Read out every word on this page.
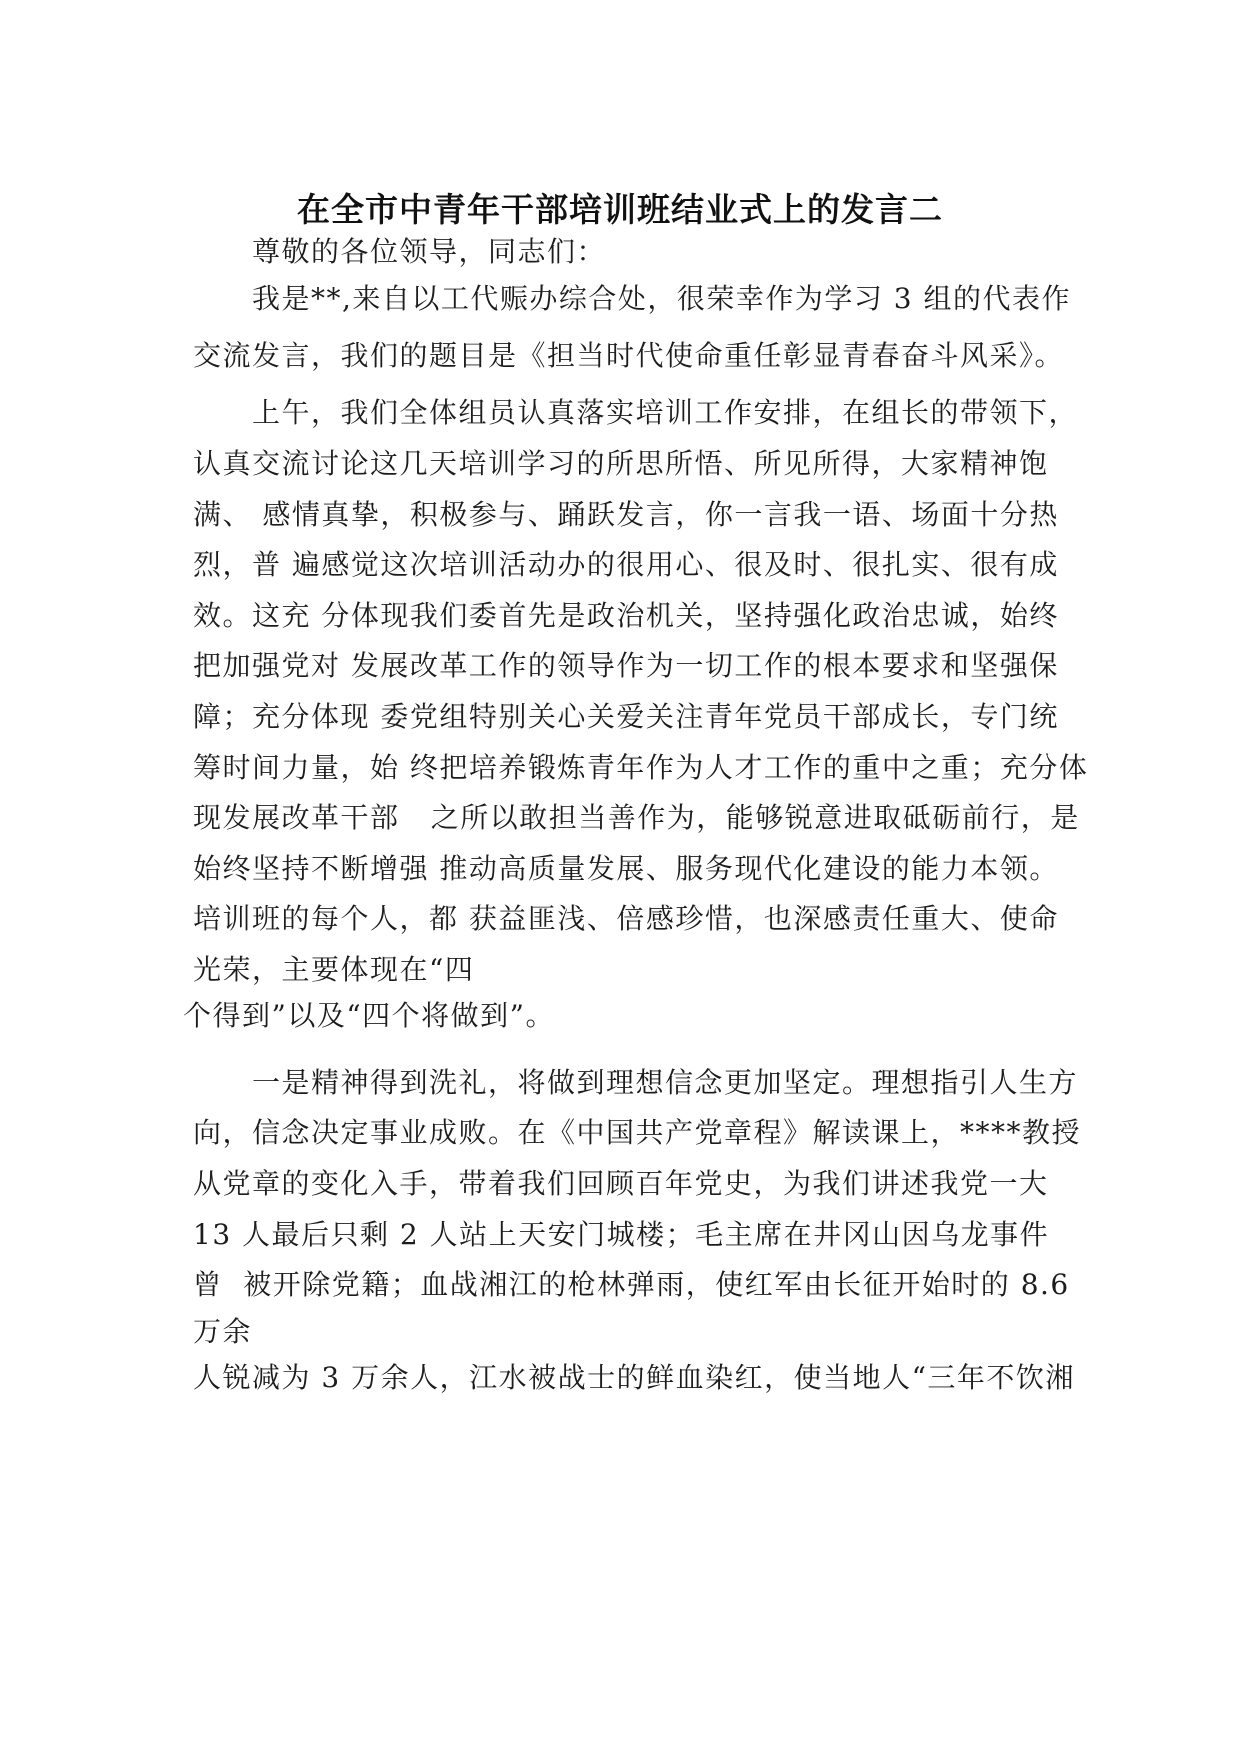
在全市中青年干部培训班结业式上的发言二
尊敬的各位领导，同志们：
我是**,来自以工代赈办综合处，很荣幸作为学习 3 组的代表作
交流发言，我们的题目是《担当时代使命重任彰显青春奋斗风采》。
上午，我们全体组员认真落实培训工作安排，在组长的带领下，
认真交流讨论这几天培训学习的所思所悟、所见所得，大家精神饱
满、 感情真挚，积极参与、踊跃发言，你一言我一语、场面十分热
烈，普 遍感觉这次培训活动办的很用心、很及时、很扎实、很有成
效。这充 分体现我们委首先是政治机关，坚持强化政治忠诚，始终
把加强党对 发展改革工作的领导作为一切工作的根本要求和坚强保
障；充分体现 委党组特别关心关爱关注青年党员干部成长，专门统
筹时间力量，始 终把培养锻炼青年作为人才工作的重中之重；充分体
现发展改革干部   之所以敢担当善作为，能够锐意进取砥砺前行，是
始终坚持不断增强 推动高质量发展、服务现代化建设的能力本领。
培训班的每个人，都 获益匪浅、倍感珍惜，也深感责任重大、使命
光荣，主要体现在“四
个得到”以及“四个将做到”。
一是精神得到洗礼，将做到理想信念更加坚定。理想指引人生方
向，信念决定事业成败。在《中国共产党章程》解读课上，****教授
从党章的变化入手，带着我们回顾百年党史，为我们讲述我党一大
13 人最后只剩 2 人站上天安门城楼；毛主席在井冈山因乌龙事件
曾  被开除党籍；血战湘江的枪林弹雨，使红军由长征开始时的 8.6
万余
人锐减为 3 万余人，江水被战士的鲜血染红，使当地人“三年不饮湘
